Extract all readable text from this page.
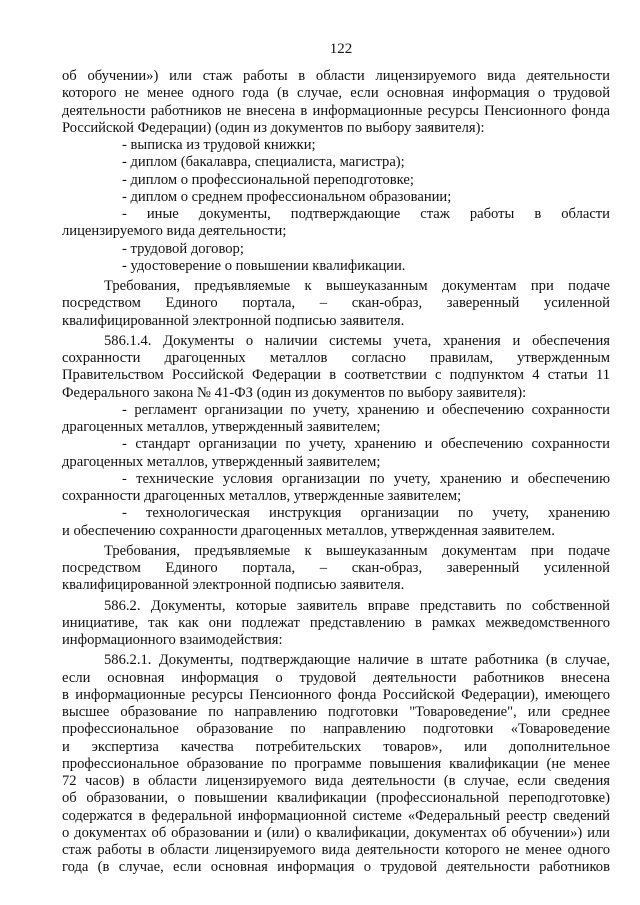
122
об обучении») или стаж работы в области лицензируемого вида деятельности
которого не менее одного года (в случае, если основная информация о трудовой
деятельности работников не внесена в информационные ресурсы Пенсионного фонда
Российской Федерации) (один из документов по выбору заявителя):
- выписка из трудовой книжки;
- диплом (бакалавра, специалиста, магистра);
- диплом о профессиональной переподготовке;
- диплом о среднем профессиональном образовании;
- иные документы, подтверждающие стаж работы в области
лицензируемого вида деятельности;
- трудовой договор;
- удостоверение о повышении квалификации.
Требования, предъявляемые к вышеуказанным документам при подаче
посредством Единого портала, – скан-образ, заверенный усиленной
квалифицированной электронной подписью заявителя.
586.1.4. Документы о наличии системы учета, хранения и обеспечения
сохранности драгоценных металлов согласно правилам, утвержденным
Правительством Российской Федерации в соответствии с подпунктом 4 статьи 11
Федерального закона № 41-ФЗ (один из документов по выбору заявителя):
- регламент организации по учету, хранению и обеспечению сохранности
драгоценных металлов, утвержденный заявителем;
- стандарт организации по учету, хранению и обеспечению сохранности
драгоценных металлов, утвержденный заявителем;
- технические условия организации по учету, хранению и обеспечению
сохранности драгоценных металлов, утвержденные заявителем;
- технологическая инструкция организации по учету, хранению
и обеспечению сохранности драгоценных металлов, утвержденная заявителем.
Требования, предъявляемые к вышеуказанным документам при подаче
посредством Единого портала, – скан-образ, заверенный усиленной
квалифицированной электронной подписью заявителя.
586.2. Документы, которые заявитель вправе представить по собственной
инициативе, так как они подлежат представлению в рамках межведомственного
информационного взаимодействия:
586.2.1. Документы, подтверждающие наличие в штате работника (в случае,
если основная информация о трудовой деятельности работников внесена
в информационные ресурсы Пенсионного фонда Российской Федерации), имеющего
высшее образование по направлению подготовки "Товароведение", или среднее
профессиональное образование по направлению подготовки «Товароведение
и экспертиза качества потребительских товаров», или дополнительное
профессиональное образование по программе повышения квалификации (не менее
72 часов) в области лицензируемого вида деятельности (в случае, если сведения
об образовании, о повышении квалификации (профессиональной переподготовке)
содержатся в федеральной информационной системе «Федеральный реестр сведений
о документах об образовании и (или) о квалификации, документах об обучении») или
стаж работы в области лицензируемого вида деятельности которого не менее одного
года (в случае, если основная информация о трудовой деятельности работников
